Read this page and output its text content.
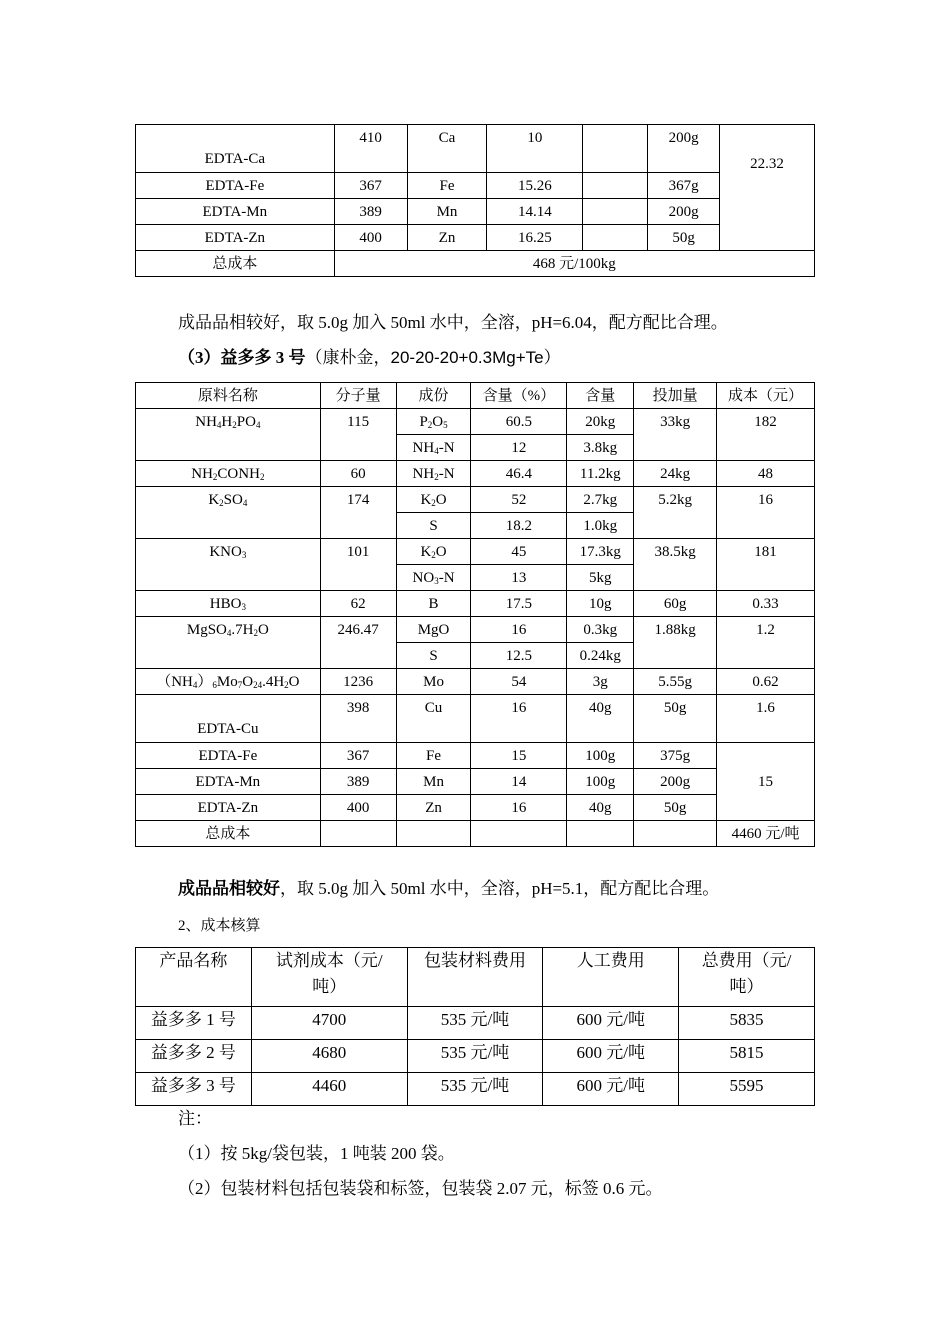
EDTA-Ca	410	Ca	10		200g	22.32
EDTA-Fe	367	Fe	15.26		367g	
EDTA-Mn	389	Mn	14.14		200g	
EDTA-Zn	400	Zn	16.25		50g	
总成本	468 元/100kg					
成品品相较好，取 5.0g 加入 50ml 水中，全溶，pH=6.04，配方配比合理。
（3）益多多 3 号（康朴金，20-20-20+0.3Mg+Te）
原料名称	分子量	成份	含量（%）	含量	投加量	成本（元）
$NH_4H_2PO_4$	115	$P_2O_5$	60.5	20kg	33kg	182
		$NH_4-N$	12	3.8kg		
$NH_2CONH_2$	60	$NH_2-N$	46.4	11.2kg	24kg	48
$K_2SO_4$	174	$K_2O$	52	2.7kg	5.2kg	16
		S	18.2	1.0kg		
$KNO_3$	101	$K_2O$	45	17.3kg	38.5kg	181
		$NO_3-N$	13	5kg		
$HBO_3$	62	B	17.5	10g	60g	0.33
$MgSO_4.7H_2O$	246.47	MgO	16	0.3kg	1.88kg	1.2
		S	12.5	0.24kg		
$(NH_4)_6Mo_7O_{24}.4H_2O$	1236	Mo	54	3g	5.55g	0.62
EDTA-Cu	398	Cu	16	40g	50g	1.6
EDTA-Fe	367	Fe	15	100g	375g	15
EDTA-Mn	389	Mn	14	100g	200g	
EDTA-Zn	400	Zn	16	40g	50g	
总成本						4460 元/吨
成品品相较好，取 5.0g 加入 50ml 水中，全溶，pH=5.1，配方配比合理。
2、成本核算
产品名称	试剂成本（元/吨）	包装材料费用	人工费用	总费用（元/吨）
益多多 1 号	4700	535 元/吨	600 元/吨	5835
益多多 2 号	4680	535 元/吨	600 元/吨	5815
益多多 3 号	4460	535 元/吨	600 元/吨	5595
注：
（1）按 5kg/袋包装，1 吨装 200 袋。
（2）包装材料包括包装袋和标签，包装袋 2.07 元，标签 0.6 元。
